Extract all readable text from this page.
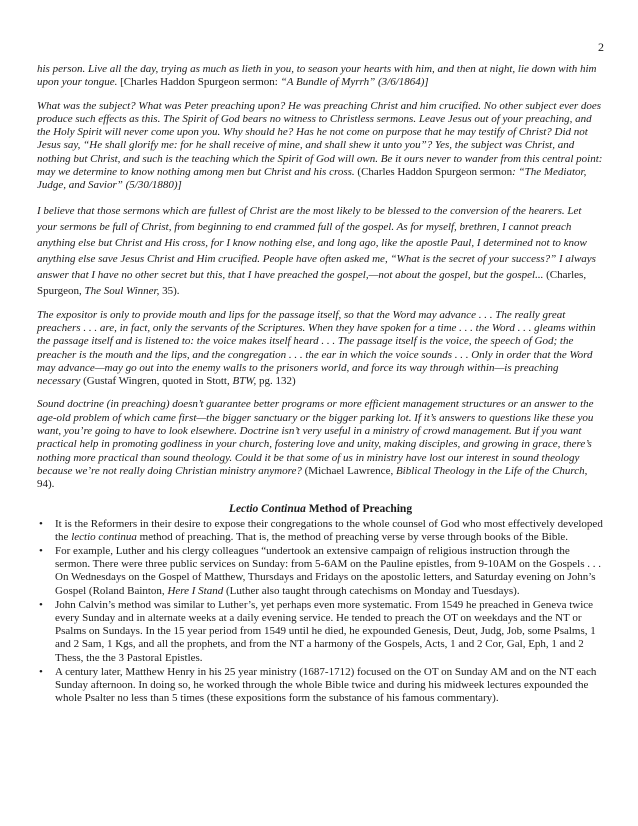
2

his person. Live all the day, trying as much as lieth in you, to season your hearts with him, and then at night, lie down with him upon your tongue. [Charles Haddon Spurgeon sermon: “A Bundle of Myrrh” (3/6/1864)]

What was the subject? What was Peter preaching upon? He was preaching Christ and him crucified. No other subject ever does produce such effects as this. The Spirit of God bears no witness to Christless sermons. Leave Jesus out of your preaching, and the Holy Spirit will never come upon you. Why should he? Has he not come on purpose that he may testify of Christ? Did not Jesus say, “He shall glorify me: for he shall receive of mine, and shall shew it unto you”? Yes, the subject was Christ, and nothing but Christ, and such is the teaching which the Spirit of God will own. Be it ours never to wander from this central point: may we determine to know nothing among men but Christ and his cross. (Charles Haddon Spurgeon sermon: “The Mediator, Judge, and Savior” (5/30/1880)]

I believe that those sermons which are fullest of Christ are the most likely to be blessed to the conversion of the hearers. Let your sermons be full of Christ, from beginning to end crammed full of the gospel. As for myself, brethren, I cannot preach anything else but Christ and His cross, for I know nothing else, and long ago, like the apostle Paul, I determined not to know anything else save Jesus Christ and Him crucified. People have often asked me, “What is the secret of your success?” I always answer that I have no other secret but this, that I have preached the gospel,—not about the gospel, but the gospel... (Charles, Spurgeon, The Soul Winner, 35).

The expositor is only to provide mouth and lips for the passage itself, so that the Word may advance . . . The really great preachers . . . are, in fact, only the servants of the Scriptures. When they have spoken for a time . . . the Word . . . gleams within the passage itself and is listened to: the voice makes itself heard . . . The passage itself is the voice, the speech of God; the preacher is the mouth and the lips, and the congregation . . . the ear in which the voice sounds . . . Only in order that the Word may advance—may go out into the enemy walls to the prisoners world, and force its way through within—is preaching necessary (Gustaf Wingren, quoted in Stott, BTW, pg. 132)

Sound doctrine (in preaching) doesn’t guarantee better programs or more efficient management structures or an answer to the age-old problem of which came first—the bigger sanctuary or the bigger parking lot. If it’s answers to questions like these you want, you’re going to have to look elsewhere. Doctrine isn’t very useful in a ministry of crowd management. But if you want practical help in promoting godliness in your church, fostering love and unity, making disciples, and growing in grace, there’s nothing more practical than sound theology. Could it be that some of us in ministry have lost our interest in sound theology because we’re not really doing Christian ministry anymore? (Michael Lawrence, Biblical Theology in the Life of the Church, 94).

Lectio Continua Method of Preaching
• It is the Reformers in their desire to expose their congregations to the whole counsel of God who most effectively developed the lectio continua method of preaching. That is, the method of preaching verse by verse through books of the Bible.
• For example, Luther and his clergy colleagues “undertook an extensive campaign of religious instruction through the sermon. There were three public services on Sunday: from 5-6AM on the Pauline epistles, from 9-10AM on the Gospels . . . On Wednesdays on the Gospel of Matthew, Thursdays and Fridays on the apostolic letters, and Saturday evening on John’s Gospel (Roland Bainton, Here I Stand (Luther also taught through catechisms on Monday and Tuesdays).
• John Calvin’s method was similar to Luther’s, yet perhaps even more systematic. From 1549 he preached in Geneva twice every Sunday and in alternate weeks at a daily evening service. He tended to preach the OT on weekdays and the NT or Psalms on Sundays. In the 15 year period from 1549 until he died, he expounded Genesis, Deut, Judg, Job, some Psalms, 1 and 2 Sam, 1 Kgs, and all the prophets, and from the NT a harmony of the Gospels, Acts, 1 and 2 Cor, Gal, Eph, 1 and 2 Thess, the the 3 Pastoral Epistles.
• A century later, Matthew Henry in his 25 year ministry (1687-1712) focused on the OT on Sunday AM and on the NT each Sunday afternoon. In doing so, he worked through the whole Bible twice and during his midweek lectures expounded the whole Psalter no less than 5 times (these expositions form the substance of his famous commentary).
